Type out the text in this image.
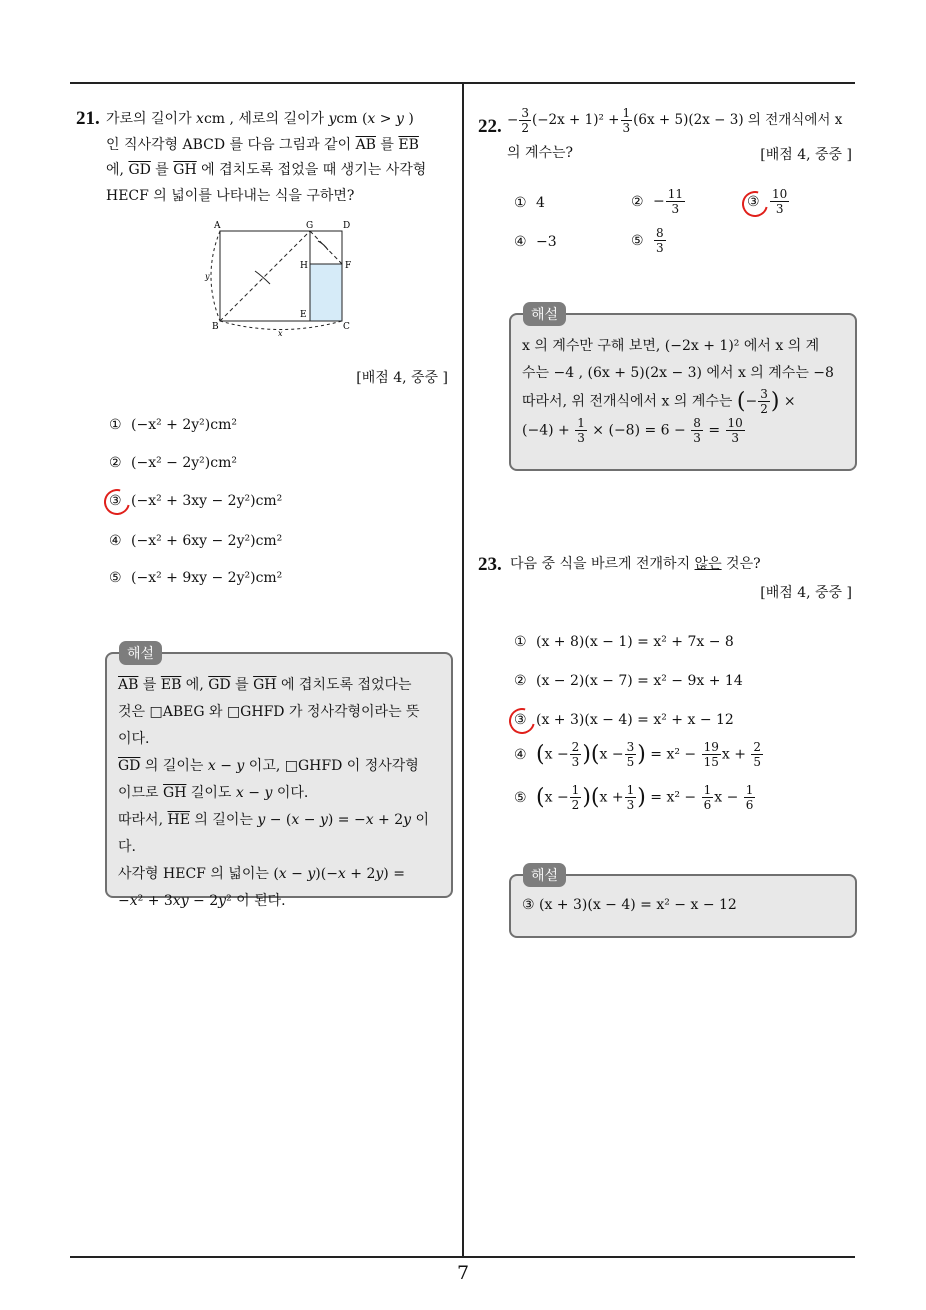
21. 가로의 길이가 xcm , 세로의 길이가 ycm (x > y )
인 직사각형 ABCD 를 다음 그림과 같이 $\overline{AB}$ 를 $\overline{EB}$
에, $\overline{GD}$ 를 $\overline{GH}$ 에 겹치도록 접었을 때 생기는 사각형
HECF 의 넓이를 나타내는 식을 구하면?
A	G	D
H	F
E
B	C
y
x
[배점 4, 중중 ]
① (−x² + 2y²)cm²
② (−x² − 2y²)cm²
③ (−x² + 3xy − 2y²)cm²
④ (−x² + 6xy − 2y²)cm²
⑤ (−x² + 9xy − 2y²)cm²
해설
$\overline{AB}$ 를 $\overline{EB}$ 에, $\overline{GD}$ 를 $\overline{GH}$ 에 겹치도록 접었다는
것은 □ABEG 와 □GHFD 가 정사각형이라는 뜻
이다.
$\overline{GD}$ 의 길이는 x − y 이고, □GHFD 이 정사각형
이므로 $\overline{GH}$ 길이도 x − y 이다.
따라서, $\overline{HE}$ 의 길이는 y − (x − y) = −x + 2y 이다.
사각형 HECF 의 넓이는 (x − y)(−x + 2y) =
−x² + 3xy − 2y² 이 된다.
22. − $\frac{3}{2} (-2x + 1)^2 + \frac{1}{3} (6x + 5)(2x - 3)$ 의 전개식에서 x
의 계수는?	[배점 4, 중중 ]
① 4	② − $\frac{11}{3}$	③ $\frac{10}{3}$
④ −3	⑤ $\frac{8}{3}$
해설
x 의 계수만 구해 보면, (−2x + 1)² 에서 x 의 계
수는 −4 , (6x + 5)(2x − 3) 에서 x 의 계수는 −8
따라서, 위 전개식에서 x 의 계수는 (− $\frac{3}{2}$ ) ×
$(-4) + \frac{1}{3} \times (-8) = 6 - \frac{8}{3} = \frac{10}{3}$
23. 다음 중 식을 바르게 전개하지 않은 것은?
[배점 4, 중중 ]
① (x + 8)(x − 1) = x² + 7x − 8
② (x − 2)(x − 7) = x² − 9x + 14
③ (x + 3)(x − 4) = x² + x − 12
④ $(x - \frac{2}{3} )(x - \frac{3}{5}$ ) = $x^2 - \frac{19}{15}$ $x + \frac{2}{5}$
⑤ $(x - \frac{1}{2} )(x + \frac{1}{3}$ ) = $x^2 - \frac{1}{6}$ $x - \frac{1}{6}$
해설
③ (x + 3)(x − 4) = x² − x − 12
7
